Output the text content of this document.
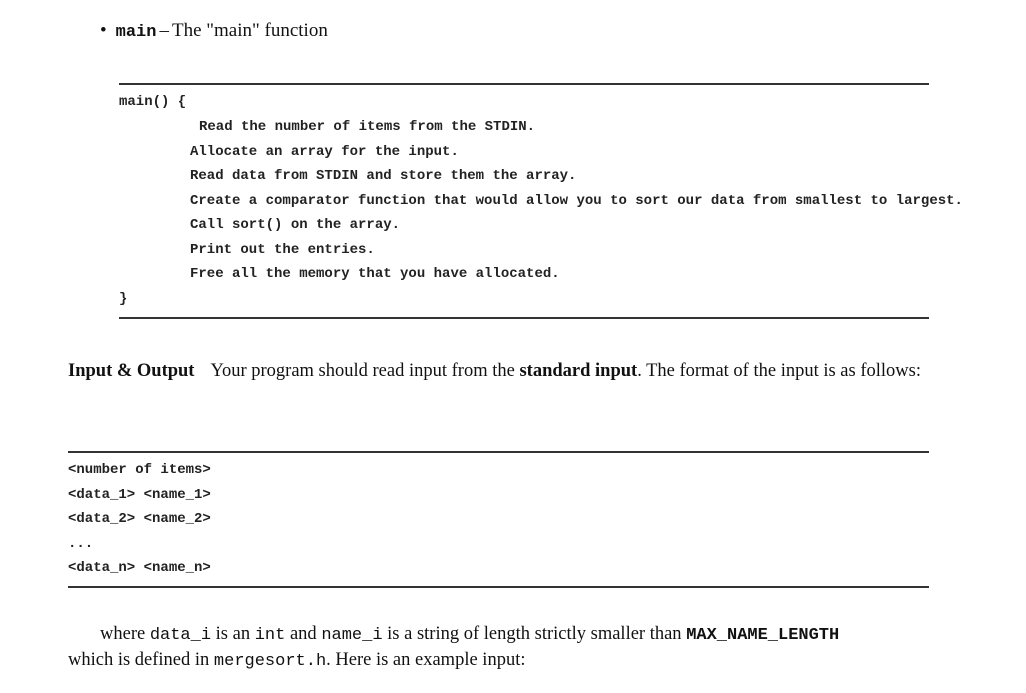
• main – The "main" function
main() {
Read the number of items from the STDIN.
Allocate an array for the input.
Read data from STDIN and store them the array.
Create a comparator function that would allow you to sort our data from smallest to largest.
Call sort() on the array.
Print out the entries.
Free all the memory that you have allocated.
}
Input & Output Your program should read input from the standard input. The format of the input is as follows:
<number of items>
<data_1> <name_1>
<data_2> <name_2>
...
<data_n> <name_n>
where data_i is an int and name_i is a string of length strictly smaller than MAX_NAME_LENGTH
which is defined in mergesort.h. Here is an example input:
